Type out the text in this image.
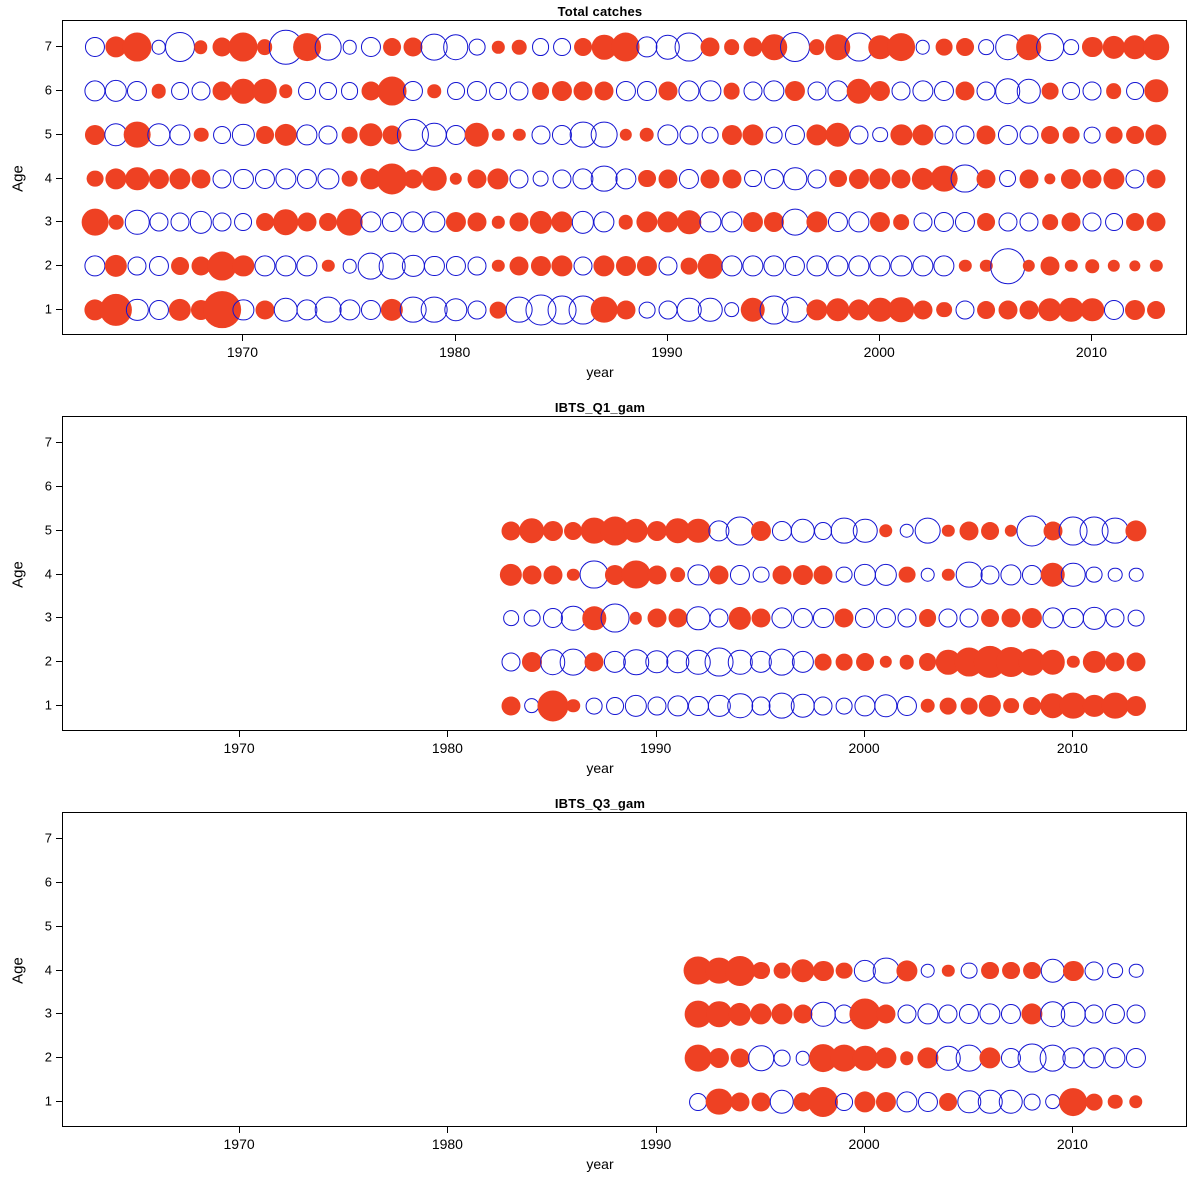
Total catches
Age
1
2
3
4
5
6
7
1970	1980	1990	2000	2010
year
IBTS_Q1_gam
Age
1
2
3
4
5
6
7
1970	1980	1990	2000	2010
year
IBTS_Q3_gam
Age
1
2
3
4
5
6
7
1970	1980	1990	2000	2010
year
